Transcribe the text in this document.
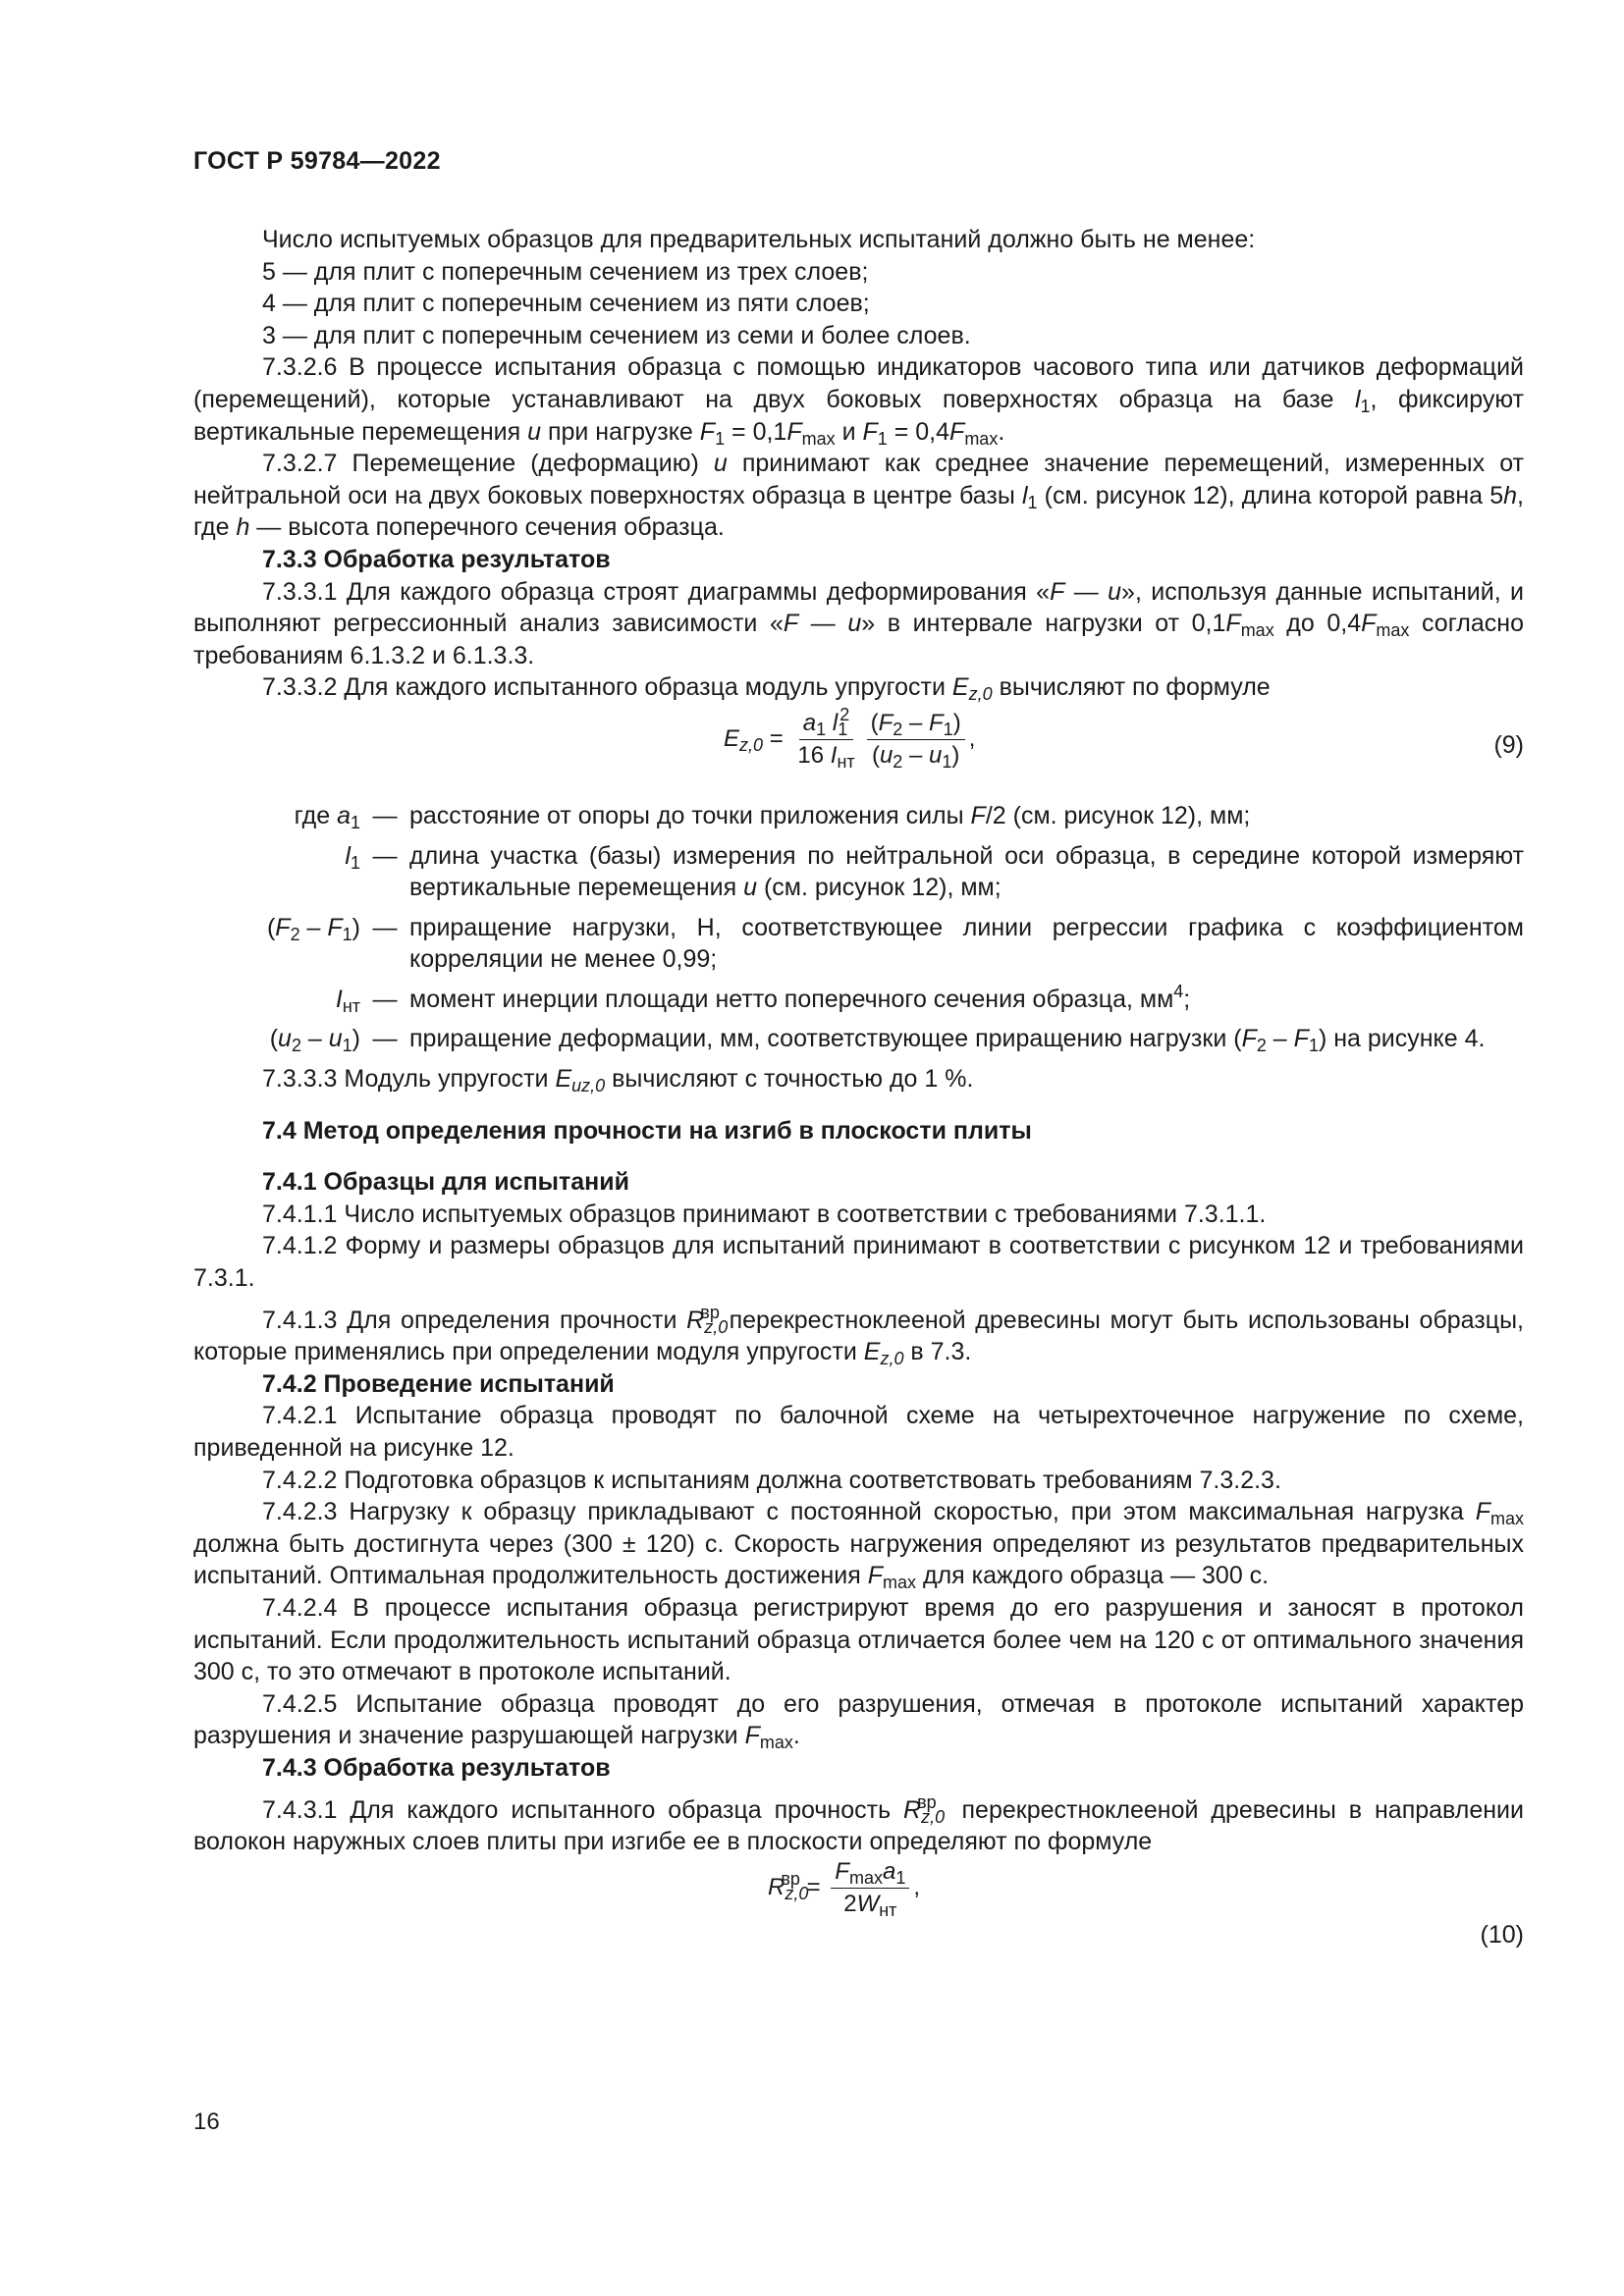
ГОСТ Р 59784—2022

Число испытуемых образцов для предварительных испытаний должно быть не менее:

5 — для плит с поперечным сечением из трех слоев;

4 — для плит с поперечным сечением из пяти слоев;

3 — для плит с поперечным сечением из семи и более слоев.

7.3.2.6 В процессе испытания образца с помощью индикаторов часового типа или датчиков деформаций (перемещений), которые устанавливают на двух боковых поверхностях образца на базе $l_1$, фиксируют вертикальные перемещения u при нагрузке $F_1 = 0,1F_{max}$ и $F_1 = 0,4F_{max}$.

7.3.2.7 Перемещение (деформацию) u принимают как среднее значение перемещений, измеренных от нейтральной оси на двух боковых поверхностях образца в центре базы $l_1$ (см. рисунок 12), длина которой равна 5h, где h — высота поперечного сечения образца.

7.3.3 Обработка результатов

7.3.3.1 Для каждого образца строят диаграммы деформирования «F — u», используя данные испытаний, и выполняют регрессионный анализ зависимости «F — u» в интервале нагрузки от $0,1F_{max}$ до $0,4F_{max}$ согласно требованиям 6.1.3.2 и 6.1.3.3.

7.3.3.2 Для каждого испытанного образца модуль упругости $E_{z,0}$ вычисляют по формуле

$E_{z,0} = \frac{a_1 l_1^2}{16 I_{нт}} \frac{(F_2 - F_1)}{(u_2 - u_1)}$ ,	(9)
где $a_1$ — расстояние от опоры до точки приложения силы F/2 (см. рисунок 12), мм;
$l_1$ — длина участка (базы) измерения по нейтральной оси образца, в середине которой измеряют вертикальные перемещения u (см. рисунок 12), мм;
$(F_2 - F_1)$ — приращение нагрузки, Н, соответствующее линии регрессии графика с коэффициентом корреляции не менее 0,99;
$I_{нт}$ — момент инерции площади нетто поперечного сечения образца, $мм^4$;
$(u_2 - u_1)$ — приращение деформации, мм, соответствующее приращению нагрузки $(F_2 - F_1)$ на рисунке 4.

7.3.3.3 Модуль упругости $E_{uz,0}$ вычисляют с точностью до 1 %.

7.4 Метод определения прочности на изгиб в плоскости плиты

7.4.1 Образцы для испытаний

7.4.1.1 Число испытуемых образцов принимают в соответствии с требованиями 7.3.1.1.

7.4.1.2 Форму и размеры образцов для испытаний принимают в соответствии с рисунком 12 и требованиями 7.3.1.

7.4.1.3 Для определения прочности $R_{z,0}^{вр}$ перекрестноклееной древесины могут быть использованы образцы, которые применялись при определении модуля упругости $E_{z,0}$ в 7.3.

7.4.2 Проведение испытаний

7.4.2.1 Испытание образца проводят по балочной схеме на четырехточечное нагружение по схеме, приведенной на рисунке 12.

7.4.2.2 Подготовка образцов к испытаниям должна соответствовать требованиям 7.3.2.3.

7.4.2.3 Нагрузку к образцу прикладывают с постоянной скоростью, при этом максимальная нагрузка $F_{max}$ должна быть достигнута через (300 ± 120) с. Скорость нагружения определяют из результатов предварительных испытаний. Оптимальная продолжительность достижения $F_{max}$ для каждого образца — 300 с.

7.4.2.4 В процессе испытания образца регистрируют время до его разрушения и заносят в протокол испытаний. Если продолжительность испытаний образца отличается более чем на 120 с от оптимального значения 300 с, то это отмечают в протоколе испытаний.

7.4.2.5 Испытание образца проводят до его разрушения, отмечая в протоколе испытаний характер разрушения и значение разрушающей нагрузки $F_{max}$.

7.4.3 Обработка результатов

7.4.3.1 Для каждого испытанного образца прочность $R_{z,0}^{вр}$  перекрестноклееной древесины в направлении волокон наружных слоев плиты при изгибе ее в плоскости определяют по формуле

$R_{z,0}^{вр} = \frac{F_{max}a_1}{2W_{нт}}$ ,
(10)
16
